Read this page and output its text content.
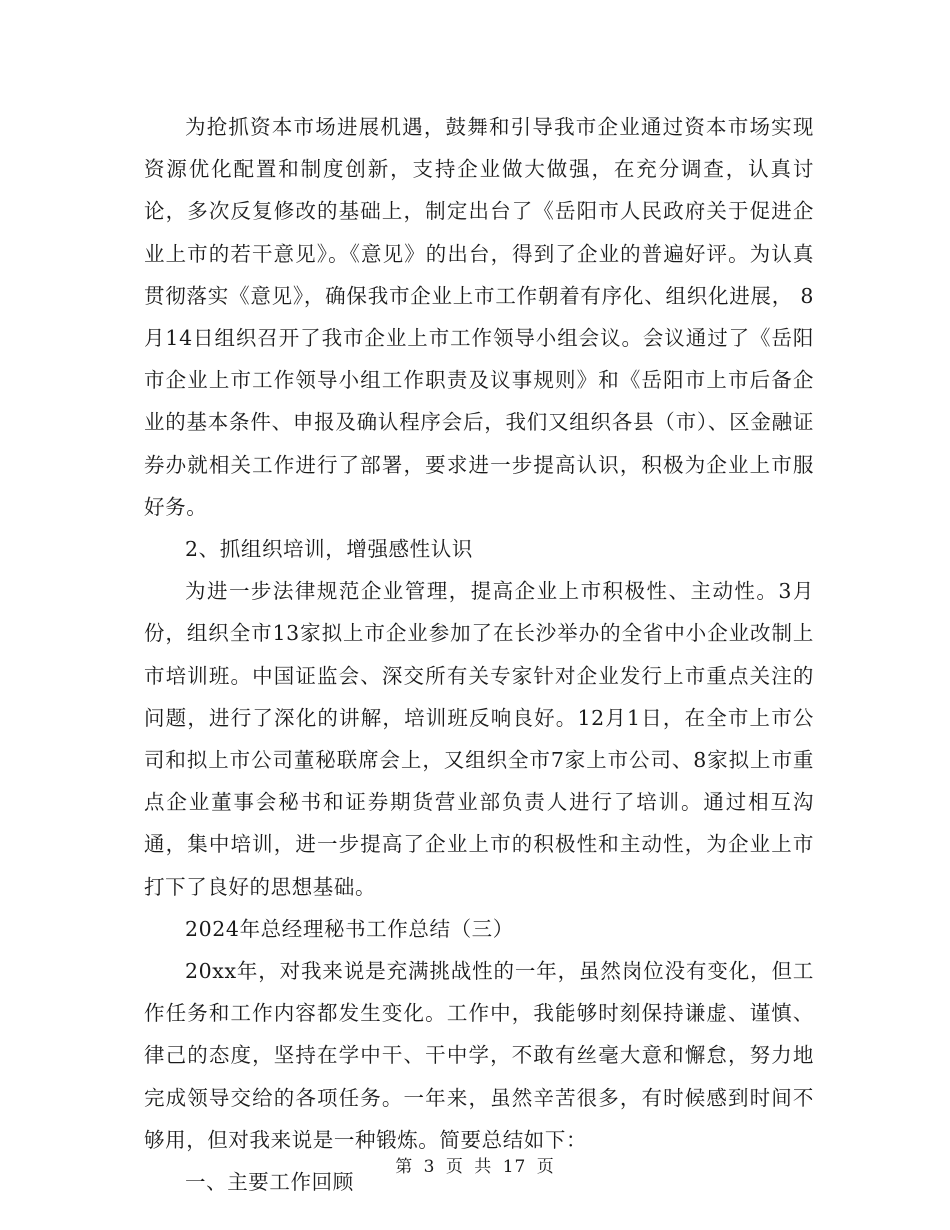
为抢抓资本市场进展机遇，鼓舞和引导我市企业通过资本市场实现资源优化配置和制度创新，支持企业做大做强，在充分调查，认真讨论，多次反复修改的基础上，制定出台了《岳阳市人民政府关于促进企业上市的若干意见》。《意见》的出台，得到了企业的普遍好评。为认真贯彻落实《意见》，确保我市企业上市工作朝着有序化、组织化进展， 8月14日组织召开了我市企业上市工作领导小组会议。会议通过了《岳阳市企业上市工作领导小组工作职责及议事规则》和《岳阳市上市后备企业的基本条件、申报及确认程序会后，我们又组织各县（市）、区金融证券办就相关工作进行了部署，要求进一步提高认识，积极为企业上市服好务。

2、抓组织培训，增强感性认识

为进一步法律规范企业管理，提高企业上市积极性、主动性。3月份，组织全市13家拟上市企业参加了在长沙举办的全省中小企业改制上市培训班。中国证监会、深交所有关专家针对企业发行上市重点关注的问题，进行了深化的讲解，培训班反响良好。12月1日，在全市上市公司和拟上市公司董秘联席会上，又组织全市7家上市公司、8家拟上市重点企业董事会秘书和证券期货营业部负责人进行了培训。通过相互沟通，集中培训，进一步提高了企业上市的积极性和主动性，为企业上市打下了良好的思想基础。

2024年总经理秘书工作总结（三）

20xx年，对我来说是充满挑战性的一年，虽然岗位没有变化，但工作任务和工作内容都发生变化。工作中，我能够时刻保持谦虚、谨慎、律己的态度，坚持在学中干、干中学，不敢有丝毫大意和懈怠，努力地完成领导交给的各项任务。一年来，虽然辛苦很多，有时候感到时间不够用，但对我来说是一种锻炼。简要总结如下：

一、主要工作回顾

第 3 页 共 17 页
